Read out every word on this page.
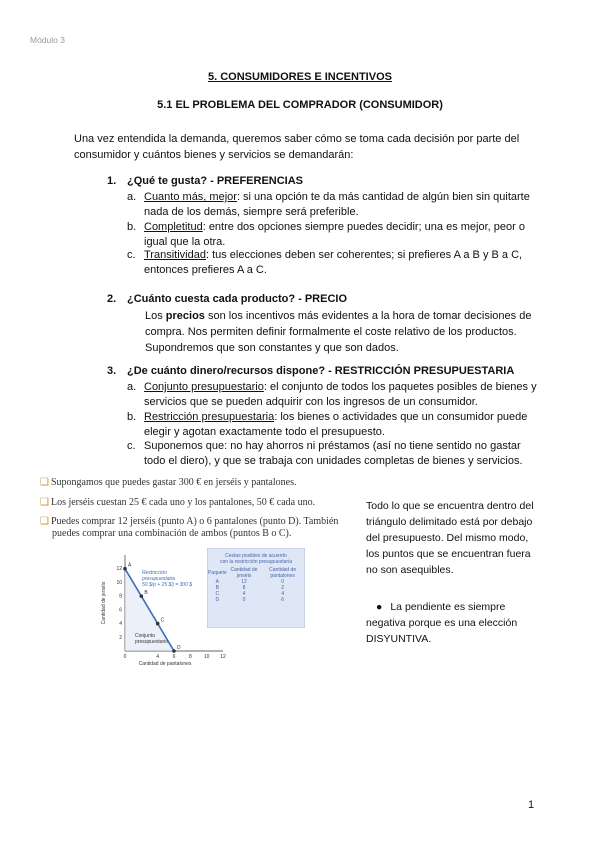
Módulo 3
5. CONSUMIDORES E INCENTIVOS
5.1 EL PROBLEMA DEL COMPRADOR (CONSUMIDOR)
Una vez entendida la demanda, queremos saber cómo se toma cada decisión por parte del consumidor y cuántos bienes y servicios se demandarán:
1. ¿Qué te gusta? - PREFERENCIAS
a. Cuanto más, mejor: si una opción te da más cantidad de algún bien sin quitarte nada de los demás, siempre será preferible.
b. Completitud: entre dos opciones siempre puedes decidir; una es mejor, peor o igual que la otra.
c. Transitividad: tus elecciones deben ser coherentes; si prefieres A a B y B a C, entonces prefieres A a C.
2. ¿Cuánto cuesta cada producto? - PRECIO
Los precios son los incentivos más evidentes a la hora de tomar decisiones de compra. Nos permiten definir formalmente el coste relativo de los productos. Supondremos que son constantes y que son dados.
3. ¿De cuánto dinero/recursos dispone? - RESTRICCIÓN PRESUPUESTARIA
a. Conjunto presupuestario: el conjunto de todos los paquetes posibles de bienes y servicios que se pueden adquirir con los ingresos de un consumidor.
b. Restricción presupuestaria: los bienes o actividades que un consumidor puede elegir y agotan exactamente todo el presupuesto.
c. Suponemos que: no hay ahorros ni préstamos (así no tiene sentido no gastar todo el diero), y que se trabaja con unidades completas de bienes y servicios.
❑ Supongamos que puedes gastar 300 € en jerséis y pantalones.
❑ Los jerséis cuestan 25 € cada uno y los pantalones, 50 € cada uno.
❑ Puedes comprar 12 jerséis (punto A) o 6 pantalones (punto D). También
puedes comprar una combinación de ambos (puntos B o C).
Cantidad de jerséis
Cantidad de pantalones
2
4
6
8
10
12
0	4	6	8 10 12
A
B
C
D
Restricción
presupuestaria
50 $/p + 25 $/j = 300 $
Conjunto
presupuestario
Cestas posibles de acuerdo
con la restricción presupuestaria
Paquete	Cantidad de jerséis	Cantidad de pantalones
A	12	0
B	8	2
C	4	4
D	0	6
Todo lo que se encuentra dentro del triángulo delimitado está por debajo del presupuesto. Del mismo modo, los puntos que se encuentran fuera no son asequibles.
● La pendiente es siempre negativa porque es una elección DISYUNTIVA.
1
